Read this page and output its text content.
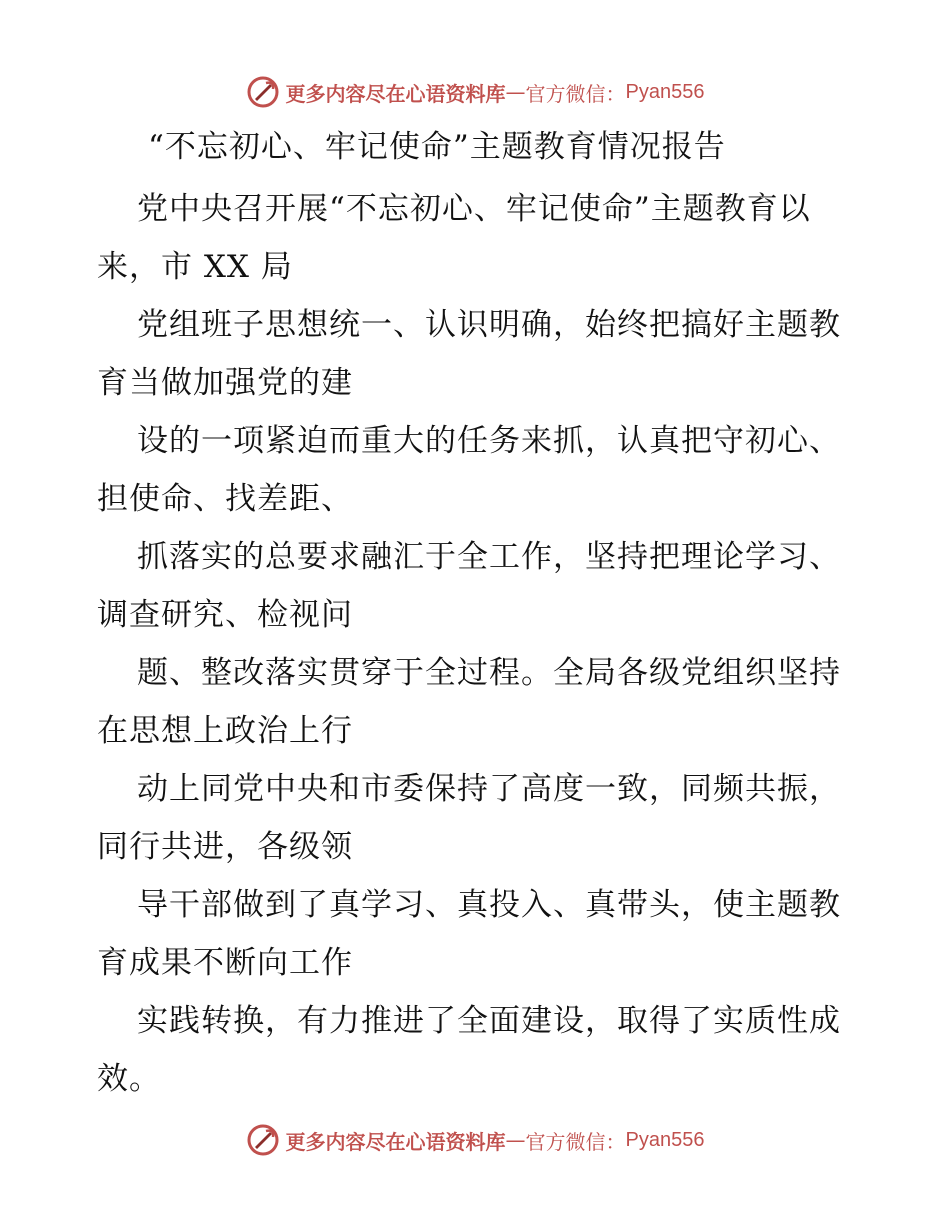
更多内容尽在心语资料库 — 官方微信： Pyan556
“不忘初心、牢记使命”主题教育情况报告

党中央召开展“不忘初心、牢记使命”主题教育以来，市 XX 局

党组班子思想统一、认识明确，始终把搞好主题教育当做加强党的建

设的一项紧迫而重大的任务来抓，认真把守初心、担使命、找差距、

抓落实的总要求融汇于全工作，坚持把理论学习、调查研究、检视问

题、整改落实贯穿于全过程。全局各级党组织坚持在思想上政治上行

动上同党中央和市委保持了高度一致，同频共振，同行共进，各级领

导干部做到了真学习、真投入、真带头，使主题教育成果不断向工作

实践转换，有力推进了全面建设，取得了实质性成效。

更多内容尽在心语资料库 — 官方微信： Pyan556
